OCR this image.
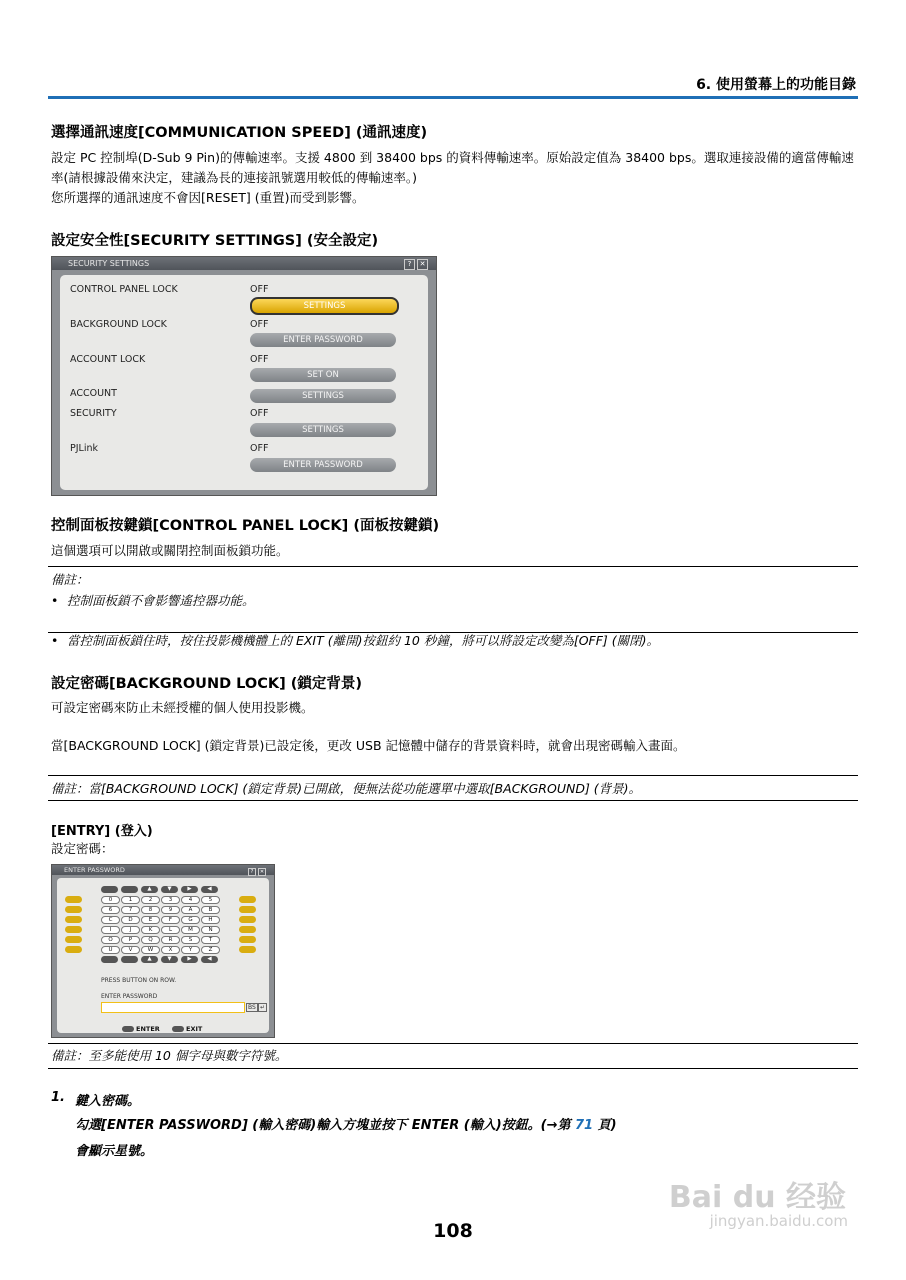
6. 使用螢幕上的功能目錄
選擇通訊速度[COMMUNICATION SPEED] (通訊速度)
設定 PC 控制埠(D-Sub 9 Pin)的傳輸速率。支援 4800 到 38400 bps 的資料傳輸速率。原始設定值為 38400 bps。選取連接設備的適當傳輸速率(請根據設備來決定，建議為長的連接訊號選用較低的傳輸速率。)
您所選擇的通訊速度不會因[RESET] (重置)而受到影響。
設定安全性[SECURITY SETTINGS] (安全設定)
SECURITY SETTINGS	? ✕
CONTROL PANEL LOCK	OFF
SETTINGS
BACKGROUND LOCK	OFF
ENTER PASSWORD
ACCOUNT LOCK	OFF
SET ON
ACCOUNT	SETTINGS
SECURITY	OFF
SETTINGS
PJLink	OFF
ENTER PASSWORD
控制面板按鍵鎖[CONTROL PANEL LOCK] (面板按鍵鎖)
這個選項可以開啟或關閉控制面板鎖功能。
備註：
• 控制面板鎖不會影響遙控器功能。
• 當控制面板鎖住時，按住投影機機體上的 EXIT (離開)按鈕約 10 秒鐘，將可以將設定改變為[OFF] (關閉)。
設定密碼[BACKGROUND LOCK] (鎖定背景)
可設定密碼來防止未經授權的個人使用投影機。
當[BACKGROUND LOCK] (鎖定背景)已設定後，更改 USB 記憶體中儲存的背景資料時，就會出現密碼輸入畫面。
備註：當[BACKGROUND LOCK] (鎖定背景)已開啟，便無法從功能選單中選取[BACKGROUND] (背景)。
[ENTRY] (登入)
設定密碼：
ENTER PASSWORD	? ✕
▲	▼	▶	◀
0	1	2	3	4	5
6	7	8	9	A	B
C	D	E	F	G	H
I	J	K	L	M	N
O	P	Q	R	S	T
U	V	W	X	Y	Z
▲	▼	▶	◀
PRESS BUTTON ON ROW.
ENTER PASSWORD
BS ↵
ENTER	EXIT
備註：至多能使用 10 個字母與數字符號。
1. 鍵入密碼。
勾選[ENTER PASSWORD] (輸入密碼)輸入方塊並按下 ENTER (輸入)按鈕。(→第 71 頁)
會顯示星號。
108
Bai du 经验
jingyan.baidu.com
